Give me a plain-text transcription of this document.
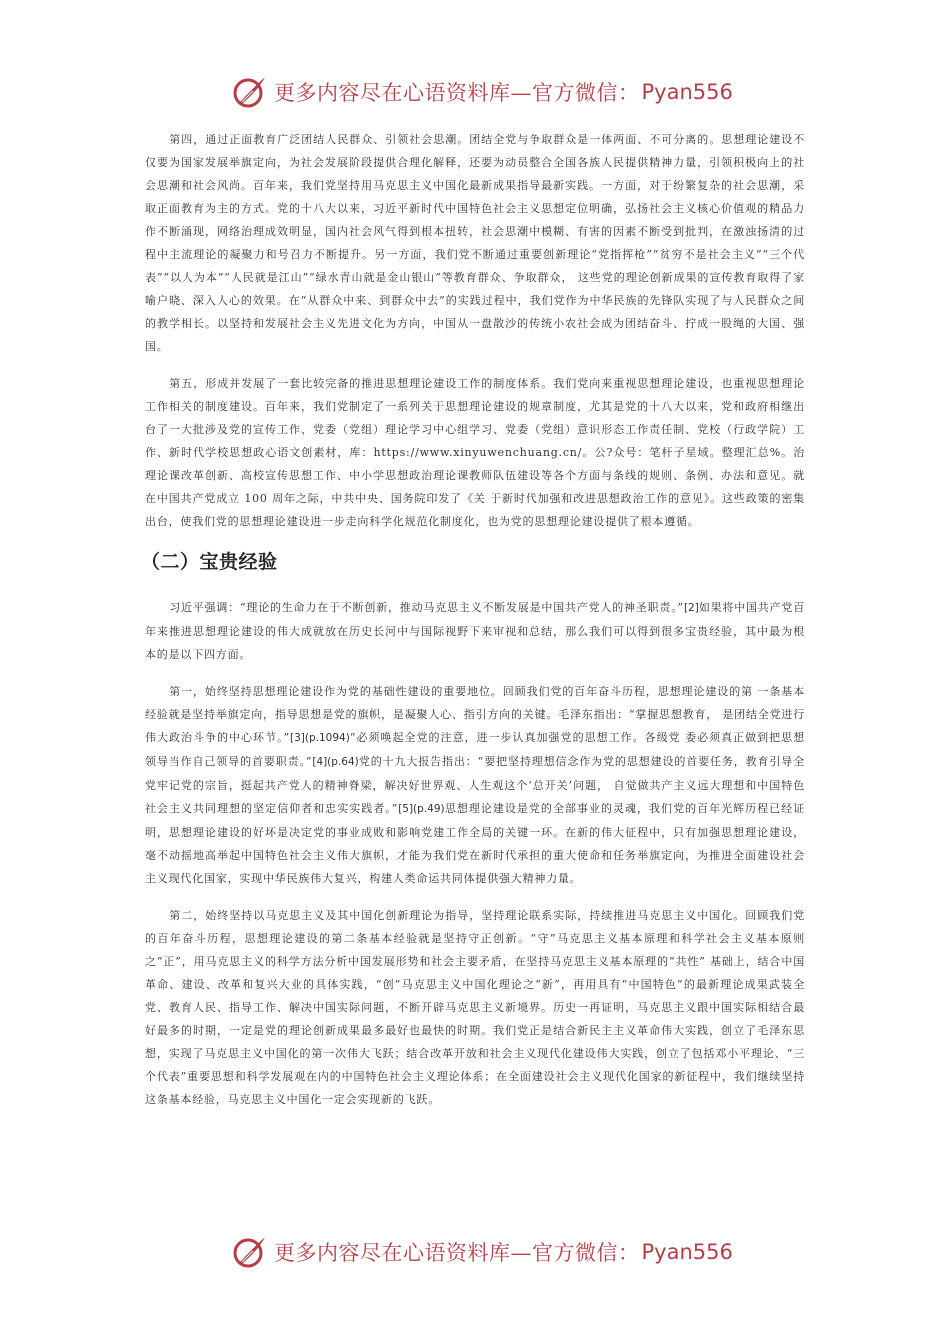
更多内容尽在心语资料库—官方微信： Pyan556

第四，通过正面教育广泛团结人民群众、引领社会思潮。团结全党与争取群众是一体两面、不可分离的。思想理论建设不仅要为国家发展举旗定向，为社会发展阶段提供合理化解释，还要为动员整合全国各族人民提供精神力量，引领积极向上的社会思潮和社会风尚。百年来，我们党坚持用马克思主义中国化最新成果指导最新实践。一方面，对于纷繁复杂的社会思潮，采取正面教育为主的方式。党的十八大以来，习近平新时代中国特色社会主义思想定位明确，弘扬社会主义核心价值观的精品力作不断涌现，网络治理成效明显，国内社会风气得到根本扭转，社会思潮中模糊、有害的因素不断受到批判，在激浊扬清的过程中主流理论的凝聚力和号召力不断提升。另一方面，我们党不断通过重要创新理论“党指挥枪”“贫穷不是社会主义”“三个代表”“以人为本”“人民就是江山”“绿水青山就是金山银山”等教育群众、争取群众， 这些党的理论创新成果的宣传教育取得了家喻户晓、深入人心的效果。在“从群众中来、到群众中去”的实践过程中，我们党作为中华民族的先锋队实现了与人民群众之间的教学相长。以坚持和发展社会主义先进文化为方向，中国从一盘散沙的传统小农社会成为团结奋斗、拧成一股绳的大国、强国。

第五，形成并发展了一套比较完备的推进思想理论建设工作的制度体系。我们党向来重视思想理论建设，也重视思想理论工作相关的制度建设。百年来，我们党制定了一系列关于思想理论建设的规章制度，尤其是党的十八大以来，党和政府相继出台了一大批涉及党的宣传工作、党委（党组）理论学习中心组学习、党委（党组）意识形态工作责任制、党校（行政学院）工作、新时代学校思想政心语文创素材，库：https://www.xinyuwenchuang.cn/。公?众号：笔杆子星域。整理汇总%。治理论课改革创新、高校宣传思想工作、中小学思想政治理论课教师队伍建设等各个方面与条线的规则、条例、办法和意见。就在中国共产党成立 100 周年之际，中共中央、国务院印发了《关 于新时代加强和改进思想政治工作的意见》。这些政策的密集出台，使我们党的思想理论建设进一步走向科学化规范化制度化，也为党的思想理论建设提供了根本遵循。

（二）宝贵经验

习近平强调：“理论的生命力在于不断创新，推动马克思主义不断发展是中国共产党人的神圣职责。”[2]如果将中国共产党百年来推进思想理论建设的伟大成就放在历史长河中与国际视野下来审视和总结，那么我们可以得到很多宝贵经验，其中最为根本的是以下四方面。

第一，始终坚持思想理论建设作为党的基础性建设的重要地位。回顾我们党的百年奋斗历程，思想理论建设的第 一条基本经验就是坚持举旗定向，指导思想是党的旗帜，是凝聚人心、指引方向的关键。毛泽东指出：“掌握思想教育， 是团结全党进行伟大政治斗争的中心环节。”[3](p.1094)“必须唤起全党的注意，进一步认真加强党的思想工作。各级党 委必须真正做到把思想领导当作自己领导的首要职责。”[4](p.64)党的十九大报告指出：“要把坚持理想信念作为党的思想建设的首要任务，教育引导全党牢记党的宗旨，挺起共产党人的精神脊梁，解决好世界观、人生观这个‘总开关’问题， 自觉做共产主义远大理想和中国特色社会主义共同理想的坚定信仰者和忠实实践者。”[5](p.49)思想理论建设是党的全部事业的灵魂，我们党的百年光辉历程已经证明，思想理论建设的好坏是决定党的事业成败和影响党建工作全局的关键一环。在新的伟大征程中，只有加强思想理论建设，毫不动摇地高举起中国特色社会主义伟大旗帜，才能为我们党在新时代承担的重大使命和任务举旗定向，为推进全面建设社会主义现代化国家，实现中华民族伟大复兴，构建人类命运共同体提供强大精神力量。

第二，始终坚持以马克思主义及其中国化创新理论为指导，坚持理论联系实际，持续推进马克思主义中国化。回顾我们党的百年奋斗历程，思想理论建设的第二条基本经验就是坚持守正创新。“守”马克思主义基本原理和科学社会主义基本原则之“正”，用马克思主义的科学方法分析中国发展形势和社会主要矛盾，在坚持马克思主义基本原理的“共性” 基础上，结合中国革命、建设、改革和复兴大业的具体实践，“创”马克思主义中国化理论之“新”，再用具有“中国特色”的最新理论成果武装全党、教育人民、指导工作、解决中国实际问题，不断开辟马克思主义新境界。历史一再证明，马克思主义跟中国实际相结合最好最多的时期，一定是党的理论创新成果最多最好也最快的时期。我们党正是结合新民主主义革命伟大实践，创立了毛泽东思想，实现了马克思主义中国化的第一次伟大飞跃；结合改革开放和社会主义现代化建设伟大实践，创立了包括邓小平理论、“三个代表”重要思想和科学发展观在内的中国特色社会主义理论体系；在全面建设社会主义现代化国家的新征程中，我们继续坚持这条基本经验，马克思主义中国化一定会实现新的飞跃。

更多内容尽在心语资料库—官方微信： Pyan556
